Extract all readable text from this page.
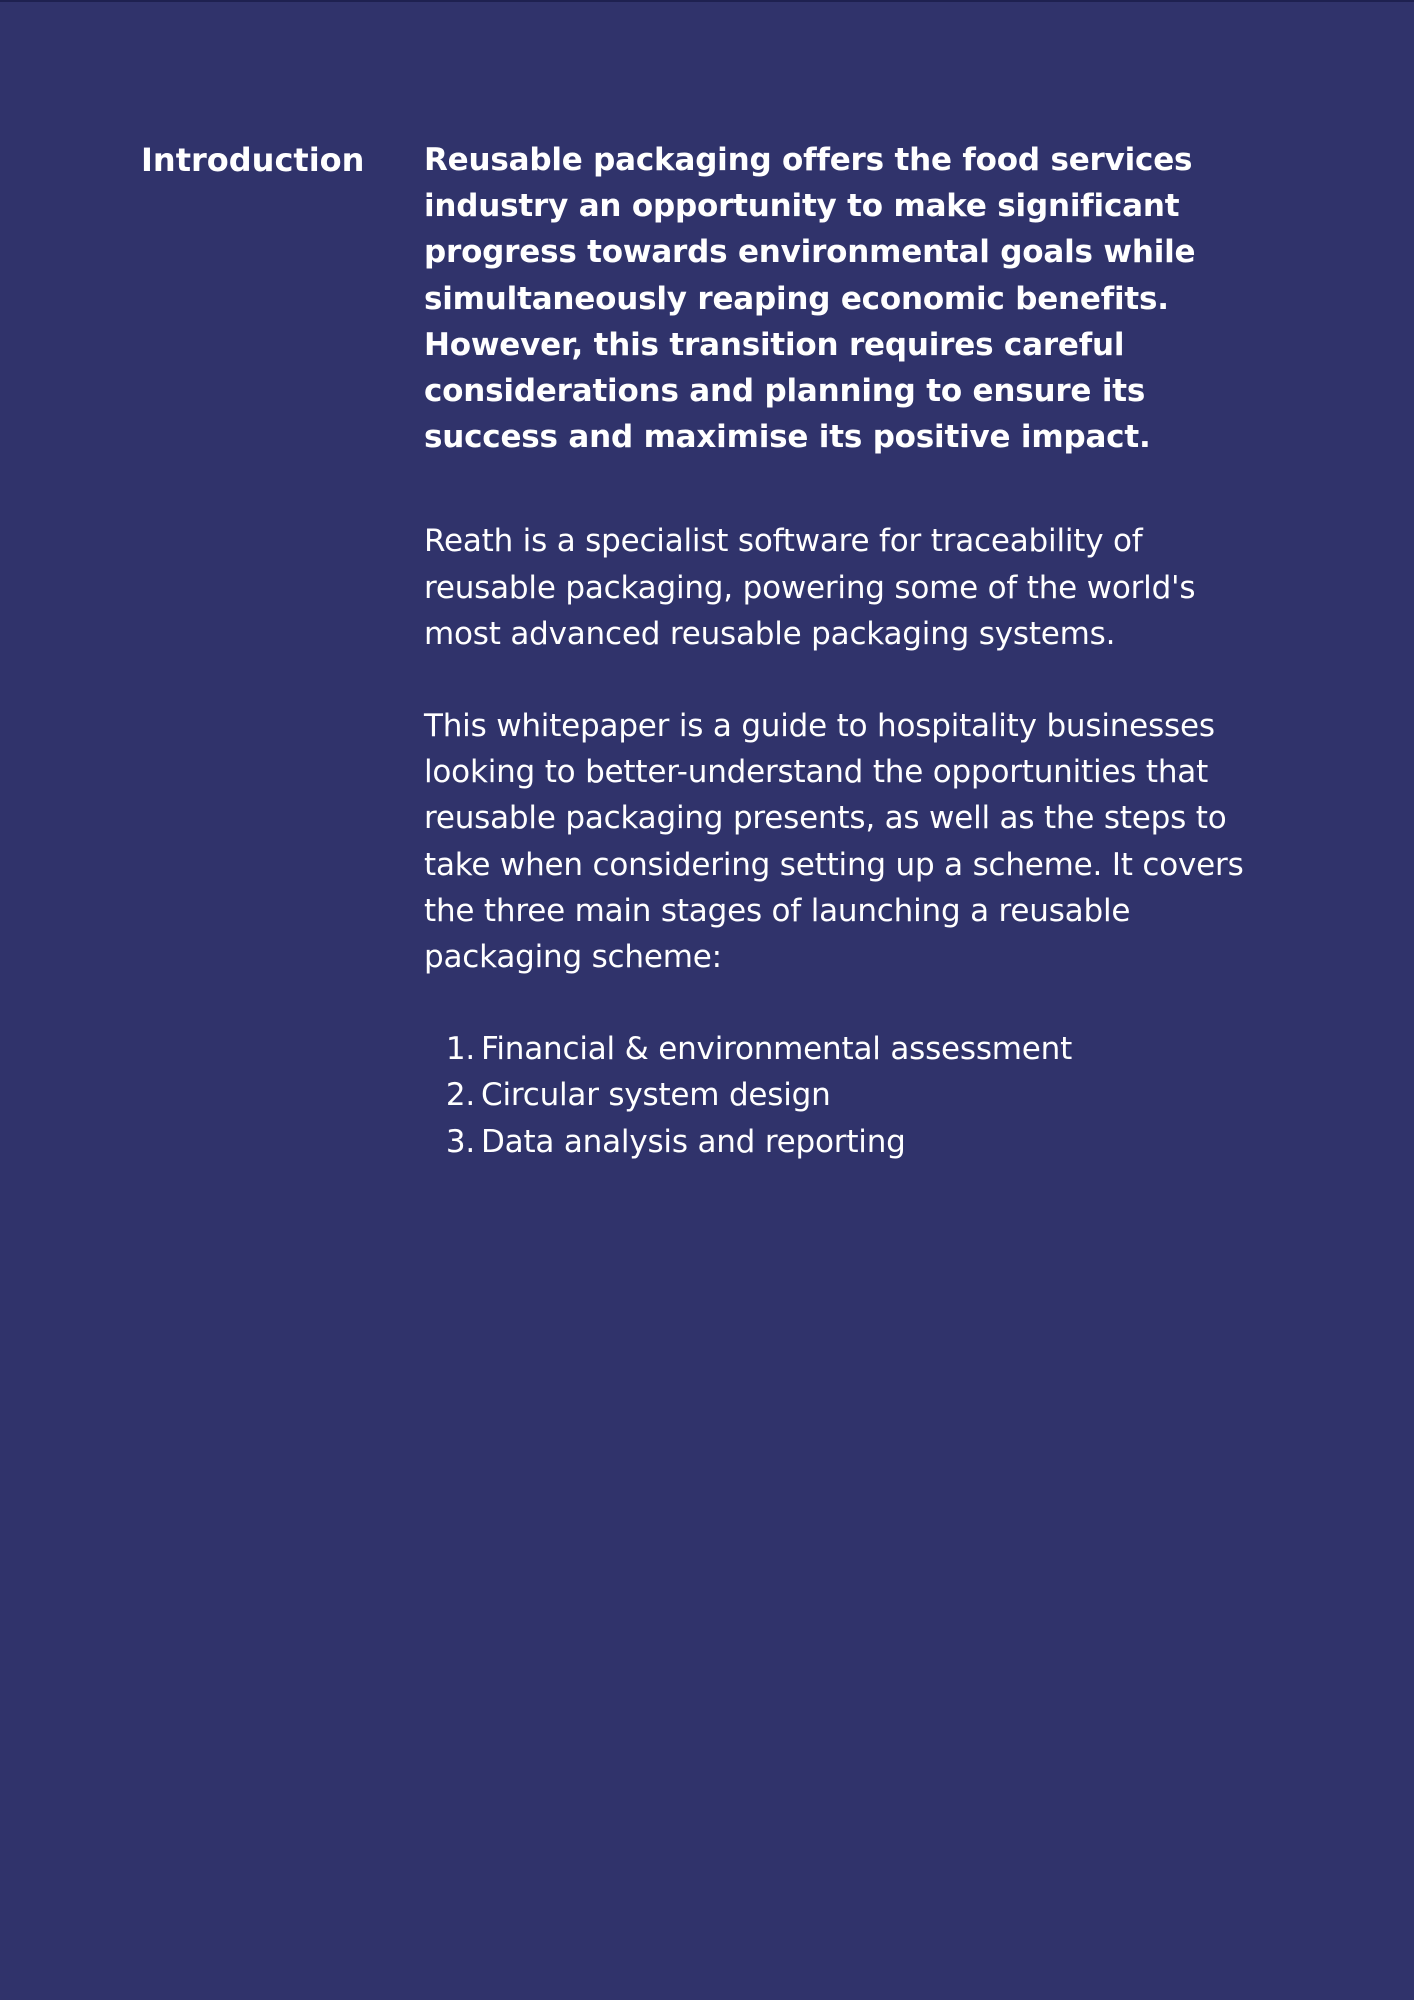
Introduction	Reusable packaging offers the food services industry an opportunity to make significant progress towards environmental goals while simultaneously reaping economic benefits. However, this transition requires careful considerations and planning to ensure its success and maximise its positive impact.

Reath is a specialist software for traceability of reusable packaging, powering some of the world's most advanced reusable packaging systems.

This whitepaper is a guide to hospitality businesses looking to better-understand the opportunities that reusable packaging presents, as well as the steps to take when considering setting up a scheme. It covers the three main stages of launching a reusable packaging scheme:

1. Financial & environmental assessment
2. Circular system design
3. Data analysis and reporting
